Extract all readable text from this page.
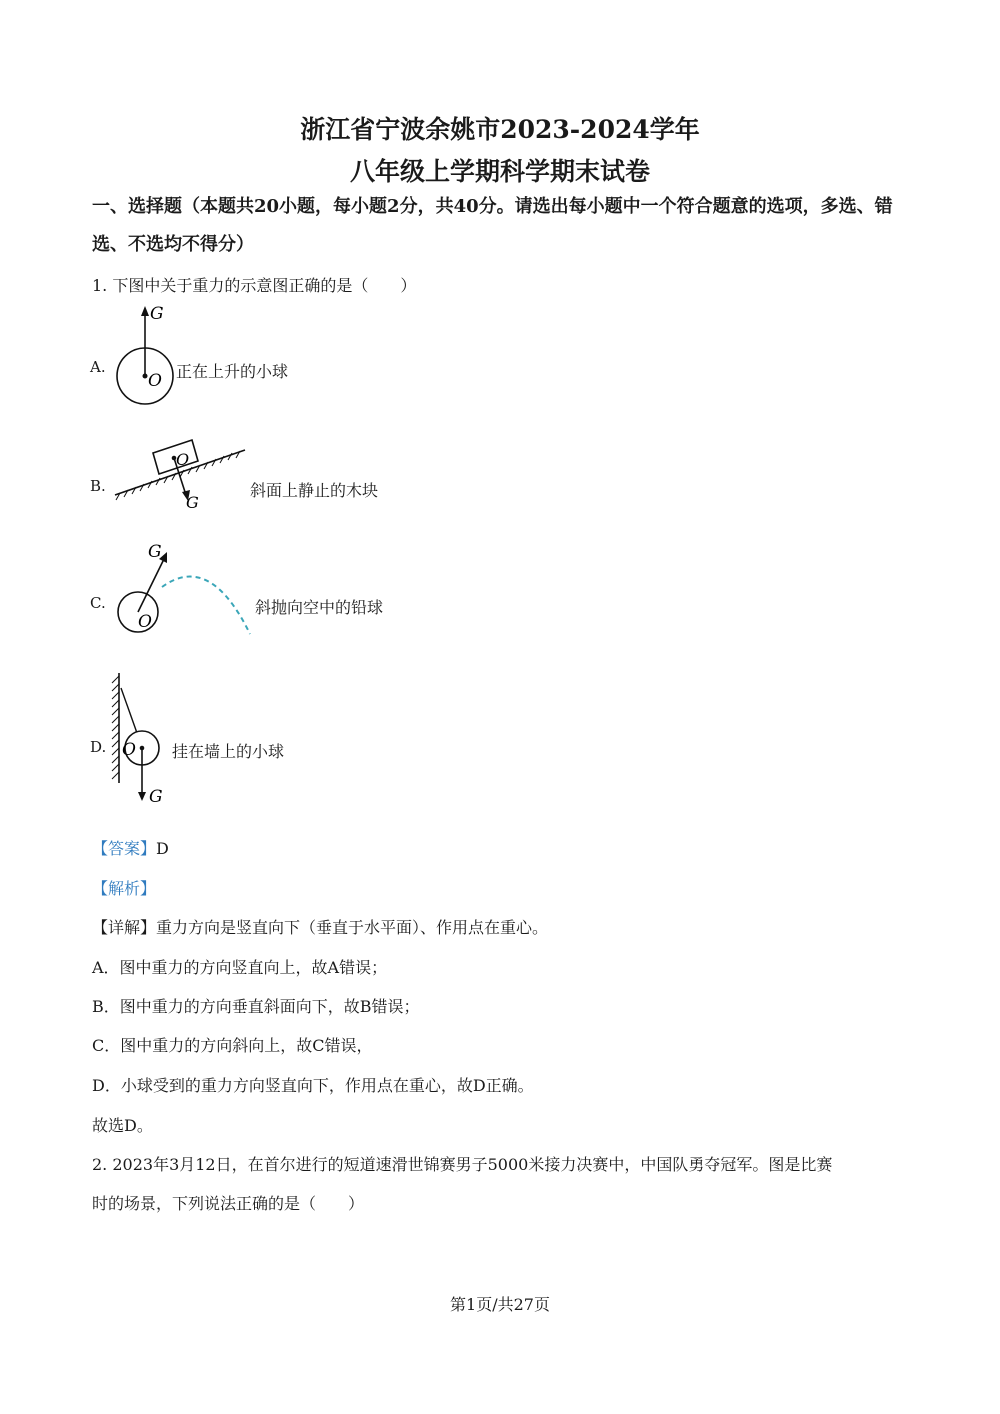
浙江省宁波余姚市2023-2024学年
八年级上学期科学期末试卷
一、选择题（本题共20小题，每小题2分，共40分。请选出每小题中一个符合题意的选项，多选、错选、不选均不得分）
1. 下图中关于重力的示意图正确的是（　　）
A.
G
O 正在上升的小球
B.
O
G
斜面上静止的木块
C.
G
O
斜抛向空中的铅球
D. O
G
挂在墙上的小球
【答案】D
【解析】
【详解】重力方向是竖直向下（垂直于水平面）、作用点在重心。
A．图中重力的方向竖直向上，故A错误；
B．图中重力的方向垂直斜面向下，故B错误；
C．图中重力的方向斜向上，故C错误，
D．小球受到的重力方向竖直向下，作用点在重心，故D正确。
故选D。
2. 2023年3月12日，在首尔进行的短道速滑世锦赛男子5000米接力决赛中，中国队勇夺冠军。图是比赛
时的场景，下列说法正确的是（　　）
第1页/共27页
